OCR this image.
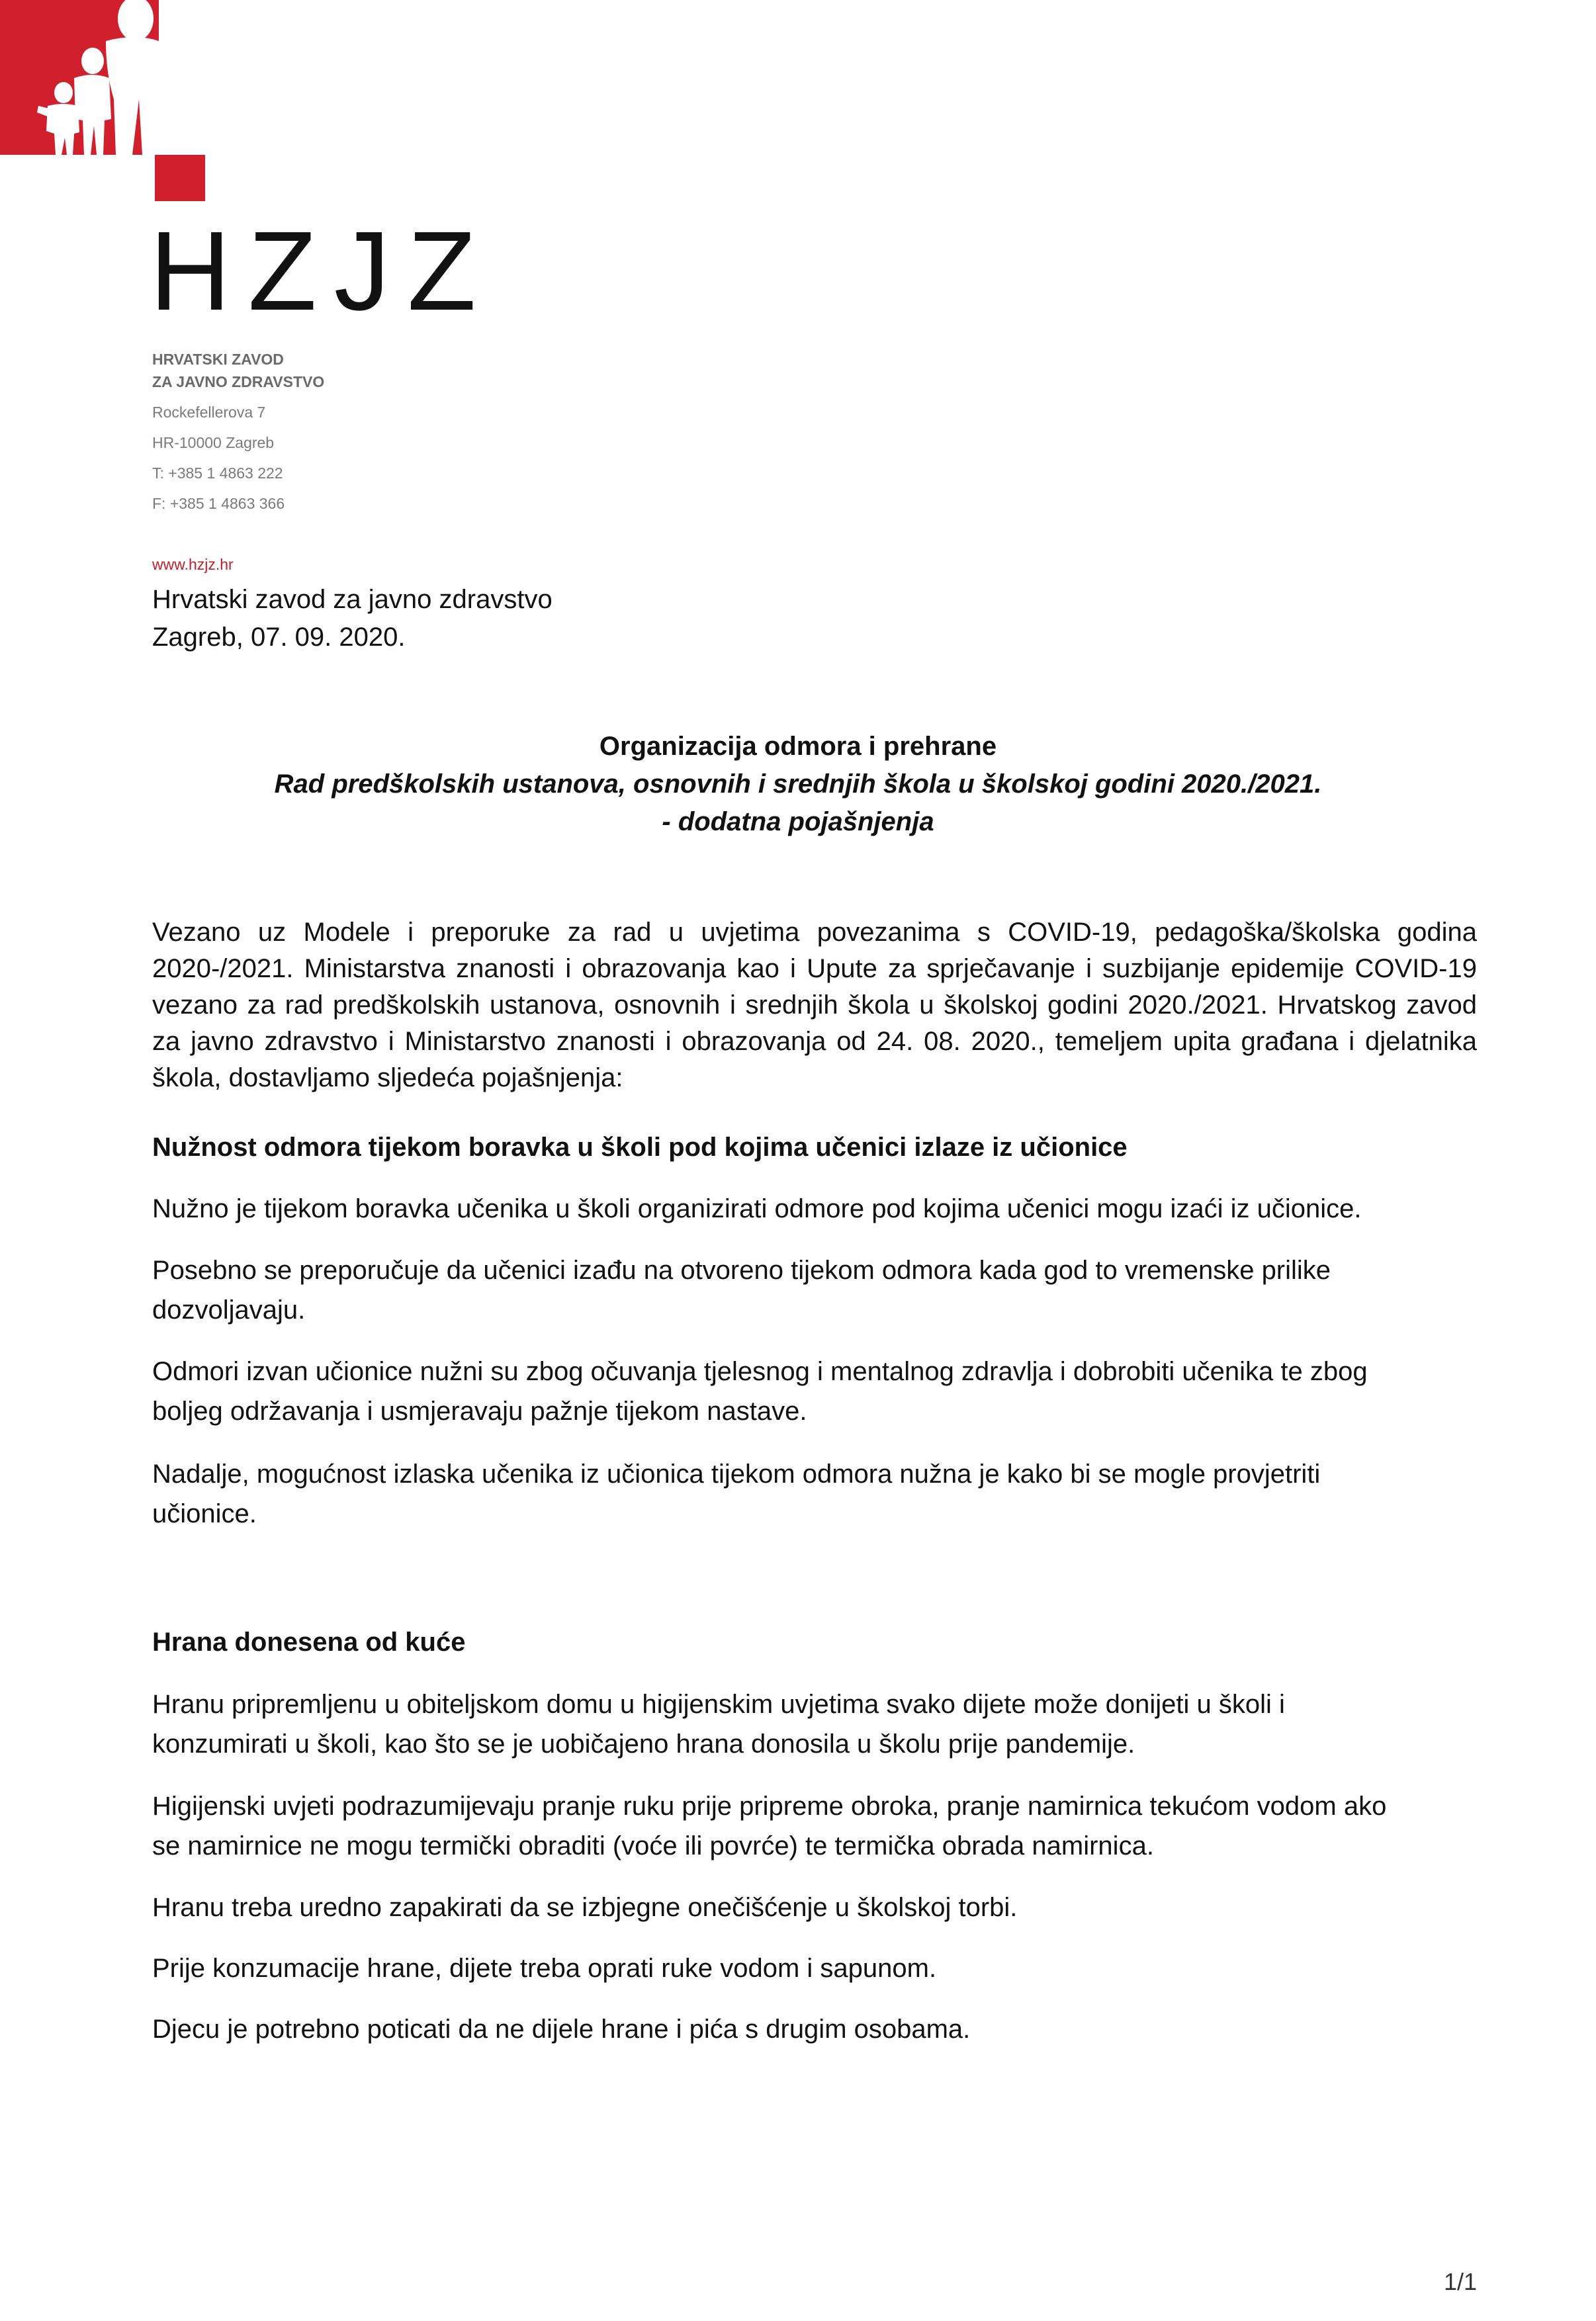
HZJZ
HRVATSKI ZAVOD
ZA JAVNO ZDRAVSTVO
Rockefellerova 7
HR-10000 Zagreb
T: +385 1 4863 222
F: +385 1 4863 366
www.hzjz.hr
Hrvatski zavod za javno zdravstvo
Zagreb, 07. 09. 2020.
Organizacija odmora i prehrane
Rad predškolskih ustanova, osnovnih i srednjih škola u školskoj godini 2020./2021.
- dodatna pojašnjenja
Vezano uz Modele i preporuke za rad u uvjetima povezanima s COVID-19, pedagoška/školska godina 2020-/2021. Ministarstva znanosti i obrazovanja kao i Upute za sprječavanje i suzbijanje epidemije COVID-19 vezano za rad predškolskih ustanova, osnovnih i srednjih škola u školskoj godini 2020./2021. Hrvatskog zavod za javno zdravstvo i Ministarstvo znanosti i obrazovanja od 24. 08. 2020., temeljem upita građana i djelatnika škola, dostavljamo sljedeća pojašnjenja:
Nužnost odmora tijekom boravka u školi pod kojima učenici izlaze iz učionice
Nužno je tijekom boravka učenika u školi organizirati odmore pod kojima učenici mogu izaći iz učionice.
Posebno se preporučuje da učenici izađu na otvoreno tijekom odmora kada god to vremenske prilike
dozvoljavaju.
Odmori izvan učionice nužni su zbog očuvanja tjelesnog i mentalnog zdravlja i dobrobiti učenika te zbog
boljeg održavanja i usmjeravaju pažnje tijekom nastave.
Nadalje, mogućnost izlaska učenika iz učionica tijekom odmora nužna je kako bi se mogle provjetriti
učionice.
Hrana donesena od kuće
Hranu pripremljenu u obiteljskom domu u higijenskim uvjetima svako dijete može donijeti u školi i
konzumirati u školi, kao što se je uobičajeno hrana donosila u školu prije pandemije.
Higijenski uvjeti podrazumijevaju pranje ruku prije pripreme obroka, pranje namirnica tekućom vodom ako
se namirnice ne mogu termički obraditi (voće ili povrće) te termička obrada namirnica.
Hranu treba uredno zapakirati da se izbjegne onečišćenje u školskoj torbi.
Prije konzumacije hrane, dijete treba oprati ruke vodom i sapunom.
Djecu je potrebno poticati da ne dijele hrane i pića s drugim osobama.
1/1
